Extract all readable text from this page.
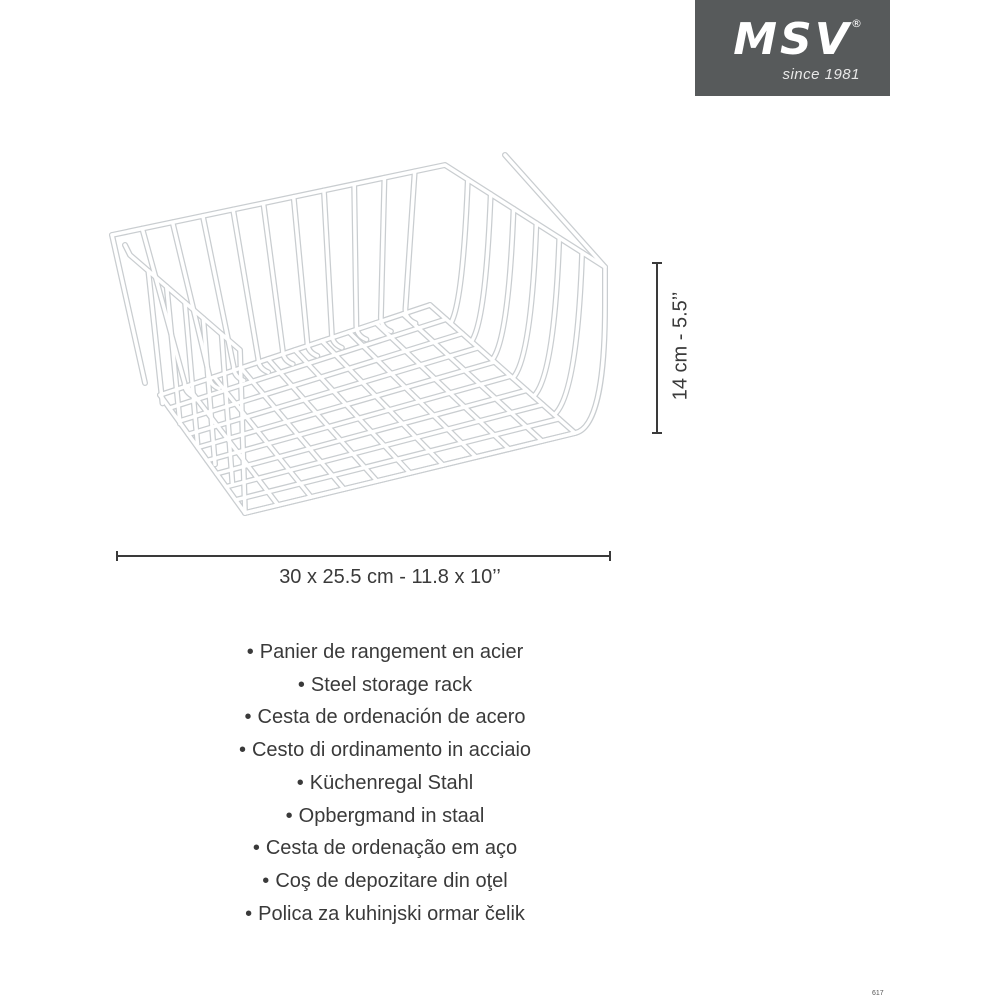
MSV
since 1981
®
14 cm - 5.5’’
30 x 25.5 cm - 11.8 x 10’’
• Panier de rangement en acier
• Steel storage rack
• Cesta de ordenación de acero
• Cesto di ordinamento in acciaio
• Küchenregal Stahl
• Opbergmand in staal
• Cesta de ordenação em aço
• Coş de depozitare din oţel
• Polica za kuhinjski ormar čelik
617
